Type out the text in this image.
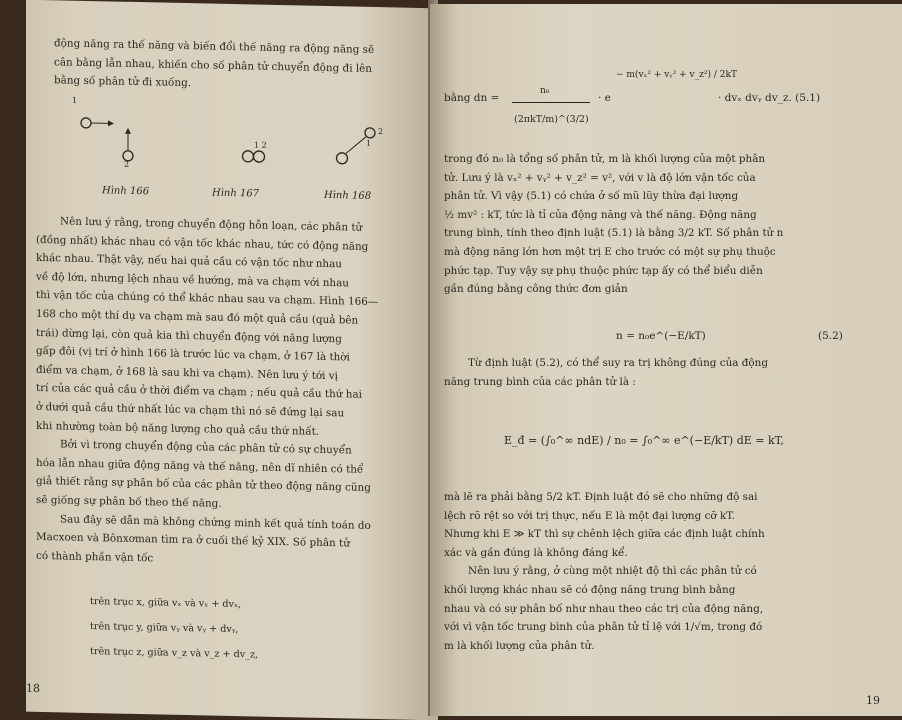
động năng ra thế năng và biến đổi thế năng ra động năng sẽ

cân bằng lẫn nhau, khiến cho số phân tử chuyển động đi lên

bằng số phân tử đi xuống.

1
2
1 2	1
2
Hình 166	Hình 167	Hình 168

Nên lưu ý rằng, trong chuyển động hỗn loạn, các phân tử

(đồng nhất) khác nhau có vận tốc khác nhau, tức có động năng

khác nhau. Thật vậy, nếu hai quả cầu có vận tốc như nhau

về độ lớn, nhưng lệch nhau về hướng, mà va chạm với nhau

thì vận tốc của chúng có thể khác nhau sau va chạm. Hình 166—

168 cho một thí dụ va chạm mà sau đó một quả cầu (quả bên

trái) dừng lại, còn quả kia thì chuyển động với năng lượng

gấp đôi (vị trí ở hình 166 là trước lúc va chạm, ở 167 là thời

điểm va chạm, ở 168 là sau khi va chạm). Nên lưu ý tới vị

trí của các quả cầu ở thời điểm va chạm ; nếu quả cầu thứ hai

ở dưới quả cầu thứ nhất lúc va chạm thì nó sẽ đứng lại sau

khi nhường toàn bộ năng lượng cho quả cầu thứ nhất.

Bởi vì trong chuyển động của các phân tử có sự chuyển

hóa lẫn nhau giữa động năng và thế năng, nên dĩ nhiên có thể

giả thiết rằng sự phân bố của các phân tử theo động năng cũng

sẽ giống sự phân bố theo thế năng.

Sau đây sẽ dẫn mà không chứng minh kết quả tính toán do

Macxoen và Bônxơman tìm ra ở cuối thế kỷ XIX. Số phân tử

có thành phần vận tốc

trên trục x, giữa vₓ và vₓ + dvₓ,

trên trục y, giữa vᵧ và vᵧ + dvᵧ,

trên trục z, giữa v_z và v_z + dv_z,

18
bằng dn =
n₀
(2πkT/m)^(3/2)
· e
− m(vₓ² + vᵧ² + v_z²) / 2kT
· dvₓ dvᵧ dv_z. (5.1)

trong đó n₀ là tổng số phân tử, m là khối lượng của một phân

tử. Lưu ý là vₓ² + vᵧ² + v_z² = v², với v là độ lớn vận tốc của

phân tử. Vì vậy (5.1) có chứa ở số mũ lũy thừa đại lượng

½ mv² : kT, tức là tỉ của động năng và thế năng. Động năng

trung bình, tính theo định luật (5.1) là bằng 3/2 kT. Số phân tử n

mà động năng lớn hơn một trị E cho trước có một sự phụ thuộc

phức tạp. Tuy vậy sự phụ thuộc phức tạp ấy có thể biểu diễn

gần đúng bằng công thức đơn giản

n = n₀e^(−E/kT)	(5.2)

Từ định luật (5.2), có thể suy ra trị không đúng của động

năng trung bình của các phân tử là :

E_đ = (∫₀^∞ ndE) / n₀ = ∫₀^∞ e^(−E/kT) dE = kT,

mà lẽ ra phải bằng 5/2 kT. Định luật đó sẽ cho những độ sai

lệch rõ rệt so với trị thực, nếu E là một đại lượng cỡ kT.

Nhưng khi E ≫ kT thì sự chênh lệch giữa các định luật chính

xác và gần đúng là không đáng kể.

Nên lưu ý rằng, ở cùng một nhiệt độ thì các phân tử có

khối lượng khác nhau sẽ có động năng trung bình bằng

nhau và có sự phân bố như nhau theo các trị của động năng,

với vì vận tốc trung bình của phân tử tỉ lệ với 1/√m, trong đó

m là khối lượng của phân tử.

19
